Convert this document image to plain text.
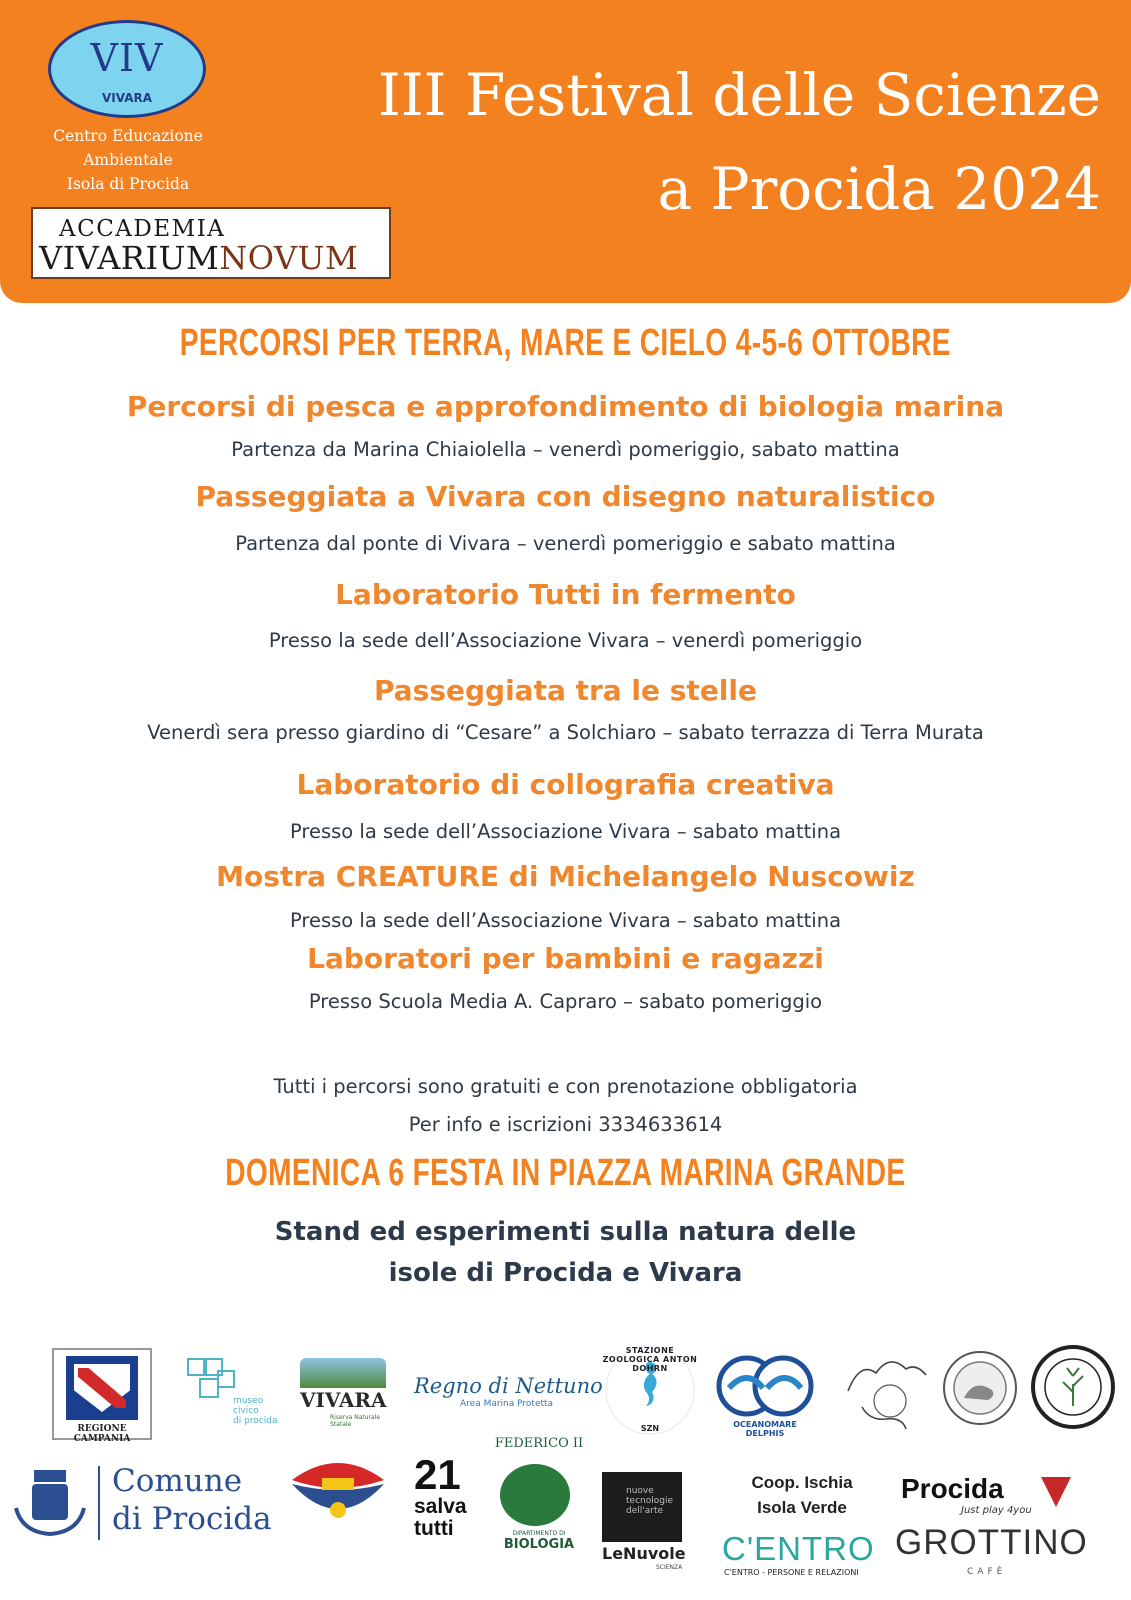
VIV
VIVARA
Centro Educazione
Ambientale
Isola di Procida
ACCADEMIA
VIVARIUMNOVUM
III Festival delle Scienze
a Procida 2024
PERCORSI PER TERRA, MARE E CIELO 4-5-6 OTTOBRE
Percorsi di pesca e approfondimento di biologia marina
Partenza da Marina Chiaiolella – venerdì pomeriggio, sabato mattina
Passeggiata a Vivara con disegno naturalistico
Partenza dal ponte di Vivara – venerdì pomeriggio e sabato mattina
Laboratorio Tutti in fermento
Presso la sede dell’Associazione Vivara – venerdì pomeriggio
Passeggiata tra le stelle
Venerdì sera presso giardino di “Cesare” a Solchiaro – sabato terrazza di Terra Murata
Laboratorio di collografia creativa
Presso la sede dell’Associazione Vivara – sabato mattina
Mostra CREATURE di Michelangelo Nuscowiz
Presso la sede dell’Associazione Vivara – sabato mattina
Laboratori per bambini e ragazzi
Presso Scuola Media A. Capraro – sabato pomeriggio
Tutti i percorsi sono gratuiti e con prenotazione obbligatoria
Per info e iscrizioni 3334633614
DOMENICA 6 FESTA IN PIAZZA MARINA GRANDE
Stand ed esperimenti sulla natura delle
isole di Procida e Vivara
REGIONE CAMPANIA
museo
civico
di procida
VIVARA
Riserva Naturale Statale
Regno di Nettuno
Area Marina Protetta
STAZIONE ZOOLOGICA ANTON DOHRN
SZN	OCEANOMARE DELPHIS
Comune
di Procida
21
salva
tutti
FEDERICO II
DIPARTIMENTO DI
BIOLOGIA
nuove
tecnologie
dell'arte
LeNuvole
SCIENZA
Coop. Ischia
Isola Verde
C'ENTRO
C'ENTRO - PERSONE E RELAZIONI
Procida
Just play 4you
GROTTINO
CAFÈ
